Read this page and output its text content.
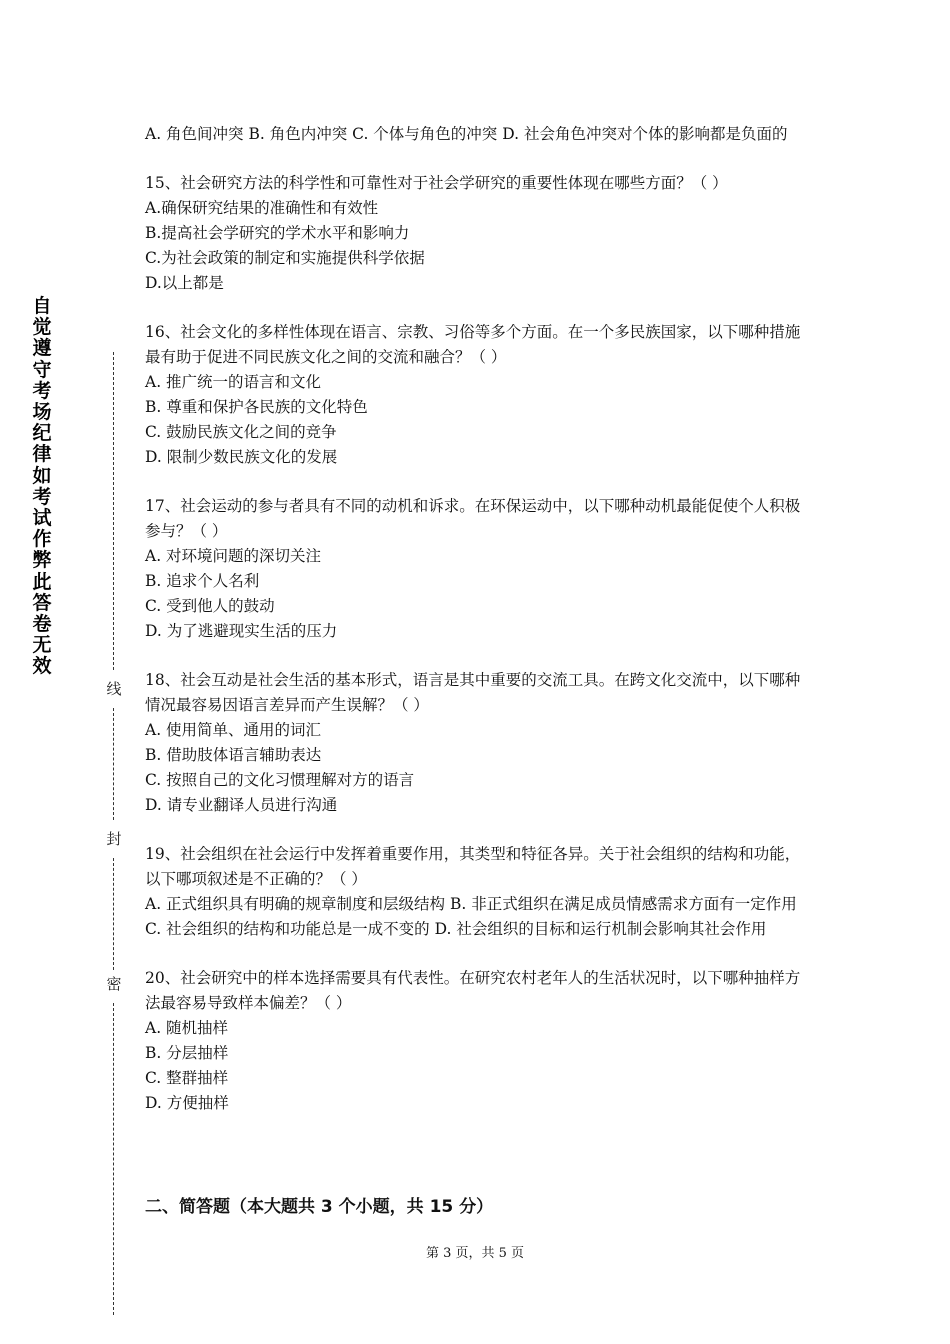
自觉遵守考场纪律如考试作弊此答卷无效
线
封
密

A. 角色间冲突 B. 角色内冲突 C. 个体与角色的冲突 D. 社会角色冲突对个体的影响都是负面的

15、社会研究方法的科学性和可靠性对于社会学研究的重要性体现在哪些方面？（ ）

A.确保研究结果的准确性和有效性

B.提高社会学研究的学术水平和影响力

C.为社会政策的制定和实施提供科学依据

D.以上都是

16、社会文化的多样性体现在语言、宗教、习俗等多个方面。在一个多民族国家，以下哪种措施最有助于促进不同民族文化之间的交流和融合？（ ）

A. 推广统一的语言和文化

B. 尊重和保护各民族的文化特色

C. 鼓励民族文化之间的竞争

D. 限制少数民族文化的发展

17、社会运动的参与者具有不同的动机和诉求。在环保运动中，以下哪种动机最能促使个人积极参与？（ ）

A. 对环境问题的深切关注

B. 追求个人名利

C. 受到他人的鼓动

D. 为了逃避现实生活的压力

18、社会互动是社会生活的基本形式，语言是其中重要的交流工具。在跨文化交流中，以下哪种情况最容易因语言差异而产生误解？（ ）

A. 使用简单、通用的词汇

B. 借助肢体语言辅助表达

C. 按照自己的文化习惯理解对方的语言

D. 请专业翻译人员进行沟通

19、社会组织在社会运行中发挥着重要作用，其类型和特征各异。关于社会组织的结构和功能，以下哪项叙述是不正确的？（ ）

A. 正式组织具有明确的规章制度和层级结构 B. 非正式组织在满足成员情感需求方面有一定作用 C. 社会组织的结构和功能总是一成不变的 D. 社会组织的目标和运行机制会影响其社会作用

20、社会研究中的样本选择需要具有代表性。在研究农村老年人的生活状况时，以下哪种抽样方法最容易导致样本偏差？（ ）

A. 随机抽样

B. 分层抽样

C. 整群抽样

D. 方便抽样

二、简答题（本大题共 3 个小题，共 15 分）
第 3 页，共 5 页
